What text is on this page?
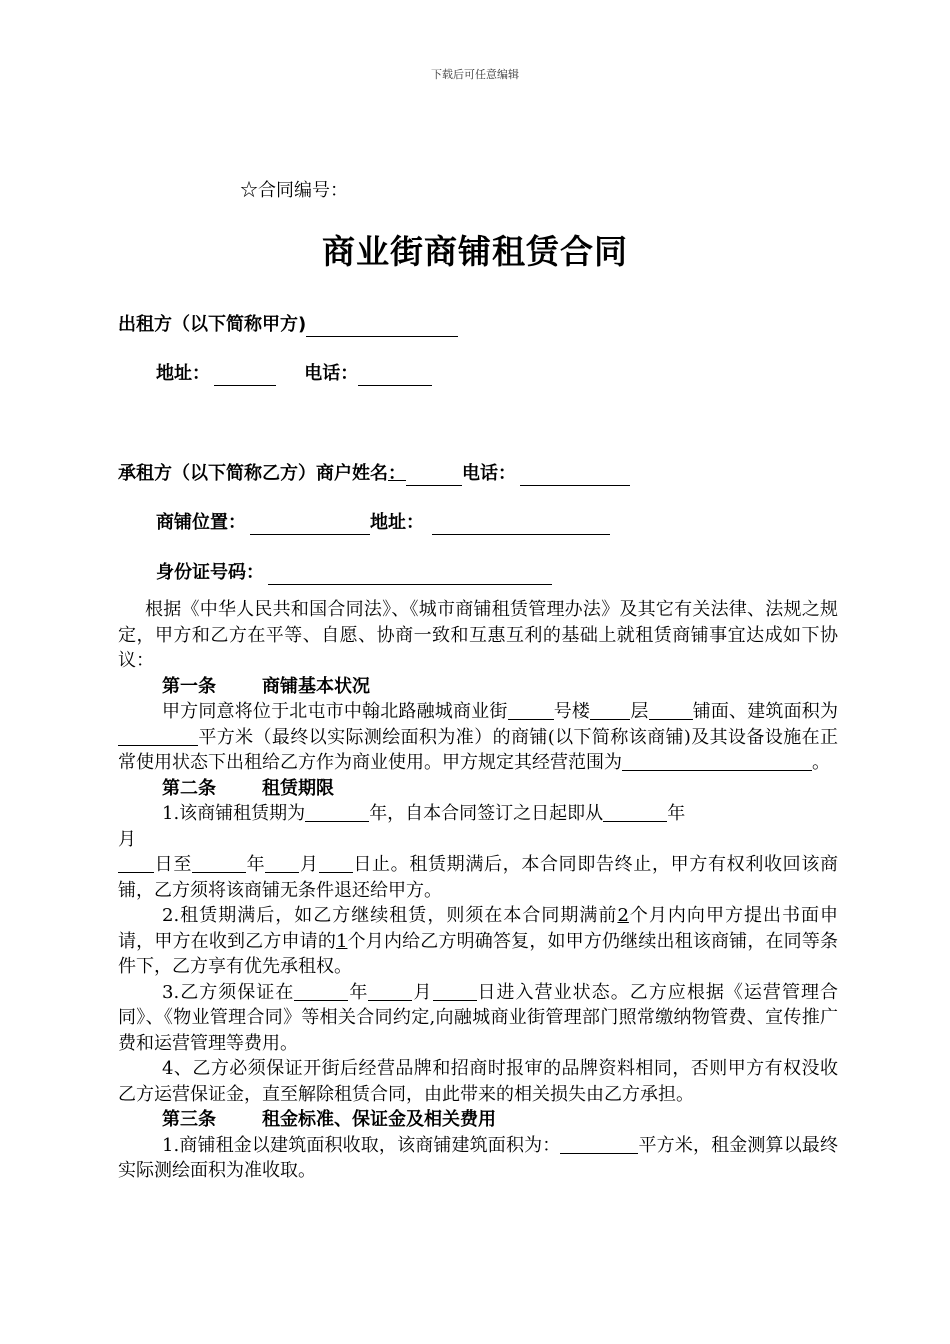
下载后可任意编辑
☆合同编号：
商业街商铺租赁合同
出租方（以下简称甲方)
地址：	电话：
承租方（以下简称乙方）商户姓名：	电话：
商铺位置：	地址：
身份证号码：

根据《中华人民共和国合同法》、《城市商铺租赁管理办法》及其它有关法律、法规之规定，甲方和乙方在平等、自愿、协商一致和互惠互利的基础上就租赁商铺事宜达成如下协议：

第一条	商铺基本状况

甲方同意将位于北屯市中翰北路融城商业街	号楼 层 铺面、建筑面积为平方米（最终以实际测绘面积为准）的商铺(以下简称该商铺)及其设备设施在正常使用状态下出租给乙方作为商业使用。甲方规定其经营范围为	。

第二条	租赁期限

1.该商铺租赁期为	年，自本合同签订之日起即从	年
月
日至	年 月 日止。租赁期满后，本合同即告终止，甲方有权利收回该商铺，乙方须将该商铺无条件退还给甲方。

2.租赁期满后，如乙方继续租赁，则须在本合同期满前2个月内向甲方提出书面申请，甲方在收到乙方申请的1个月内给乙方明确答复，如甲方仍继续出租该商铺，在同等条件下，乙方享有优先承租权。

3.乙方须保证在	年 月 日进入营业状态。乙方应根据《运营管理合同》、《物业管理合同》等相关合同约定,向融城商业街管理部门照常缴纳物管费、宣传推广费和运营管理等费用。

4、乙方必须保证开街后经营品牌和招商时报审的品牌资料相同，否则甲方有权没收乙方运营保证金，直至解除租赁合同，由此带来的相关损失由乙方承担。

第三条	租金标准、保证金及相关费用

1.商铺租金以建筑面积收取，该商铺建筑面积为：	平方米，租金测算以最终实际测绘面积为准收取。
